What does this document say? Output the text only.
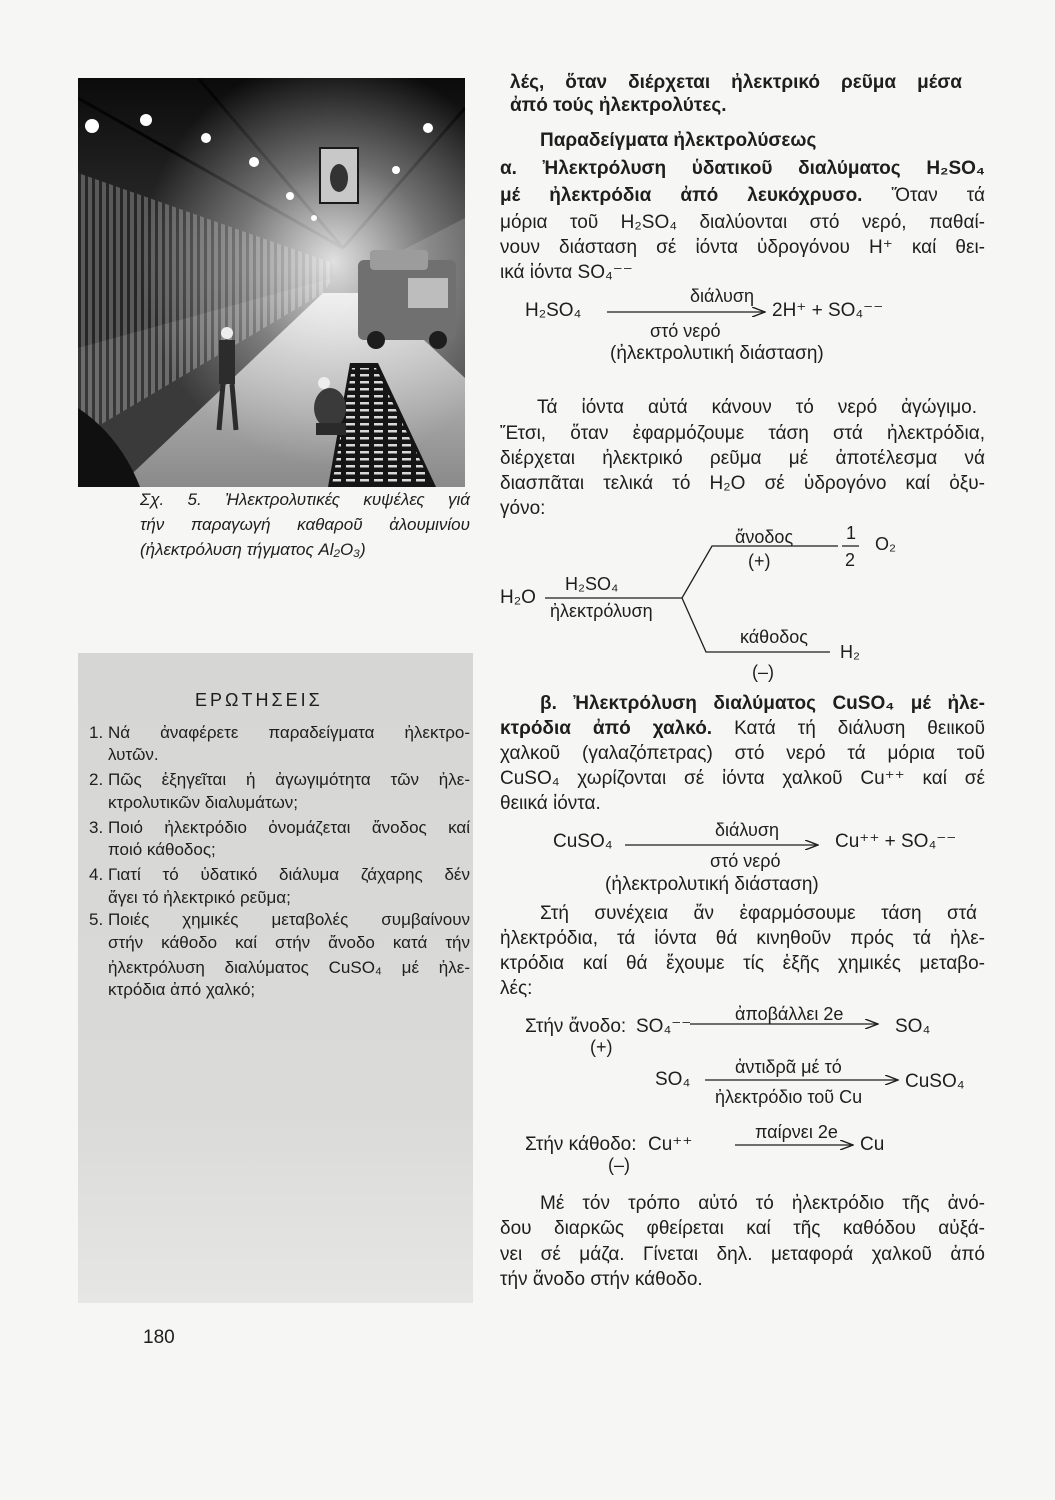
Σχ. 5. Ἠλεκτρολυτικές κυψέλες γιά
τήν παραγωγή καθαροῦ ἀλουμινίου
(ἠλεκτρόλυση τήγματος Al₂O₃)
ΕΡΩΤΗΣΕΙΣ
1. Νά ἀναφέρετε παραδείγματα ἠλεκτρο-
λυτῶν.
2. Πῶς ἐξηγεῖται ἡ ἀγωγιμότητα τῶν ἠλε-
κτρολυτικῶν διαλυμάτων;
3. Ποιό ἠλεκτρόδιο ὀνομάζεται ἄνοδος καί
ποιό κάθοδος;
4. Γιατί τό ὑδατικό διάλυμα ζάχαρης δέν
ἄγει τό ἠλεκτρικό ρεῦμα;
5. Ποιές χημικές μεταβολές συμβαίνουν
στήν κάθοδο καί στήν ἄνοδο κατά τήν
ἠλεκτρόλυση διαλύματος CuSO₄ μέ ἠλε-
κτρόδια ἀπό χαλκό;
180
λές, ὅταν διέρχεται ἠλεκτρικό ρεῦμα μέσα
ἀπό τούς ἠλεκτρολύτες.
Παραδείγματα ἠλεκτρολύσεως
α. Ἠλεκτρόλυση ὑδατικοῦ διαλύματος H₂SO₄
μέ ἠλεκτρόδια ἀπό λευκόχρυσο. Ὅταν τά
μόρια τοῦ H₂SO₄ διαλύονται στό νερό, παθαί-
νουν διάσταση σέ ἰόντα ὑδρογόνου H⁺ καί θει-
ικά ἰόντα SO₄⁻⁻
H₂SO₄
διάλυση
στό νερό
2H⁺ + SO₄⁻⁻
(ἠλεκτρολυτική διάσταση)
Τά ἰόντα αὐτά κάνουν τό νερό ἀγώγιμο.
Ἔτσι, ὅταν ἐφαρμόζουμε τάση στά ἠλεκτρόδια,
διέρχεται ἠλεκτρικό ρεῦμα μέ ἀποτέλεσμα νά
διασπᾶται τελικά τό H₂O σέ ὑδρογόνο καί ὀξυ-
γόνο:
ἄνοδος
(+)
1
2
O₂
H₂O
H₂SO₄
ἠλεκτρόλυση
κάθοδος
(–)
H₂
β. Ἠλεκτρόλυση διαλύματος CuSO₄ μέ ἠλε-
κτρόδια ἀπό χαλκό. Κατά τή διάλυση θειικοῦ
χαλκοῦ (γαλαζόπετρας) στό νερό τά μόρια τοῦ
CuSO₄ χωρίζονται σέ ἰόντα χαλκοῦ Cu⁺⁺ καί σέ
θειικά ἰόντα.
CuSO₄
διάλυση
στό νερό
Cu⁺⁺ + SO₄⁻⁻
(ἠλεκτρολυτική διάσταση)
Στή συνέχεια ἄν ἐφαρμόσουμε τάση στά
ἠλεκτρόδια, τά ἰόντα θά κινηθοῦν πρός τά ἠλε-
κτρόδια καί θά ἔχουμε τίς ἑξῆς χημικές μεταβο-
λές:
Στήν ἄνοδο: SO₄⁻⁻
(+)
ἀποβάλλει 2e
SO₄
SO₄
ἀντιδρᾶ μέ τό
ἠλεκτρόδιο τοῦ Cu
CuSO₄
Στήν κάθοδο: Cu⁺⁺
(–)
παίρνει 2e
Cu
Μέ τόν τρόπο αὐτό τό ἠλεκτρόδιο τῆς ἀνό-
δου διαρκῶς φθείρεται καί τῆς καθόδου αὐξά-
νει σέ μάζα. Γίνεται δηλ. μεταφορά χαλκοῦ ἀπό
τήν ἄνοδο στήν κάθοδο.
